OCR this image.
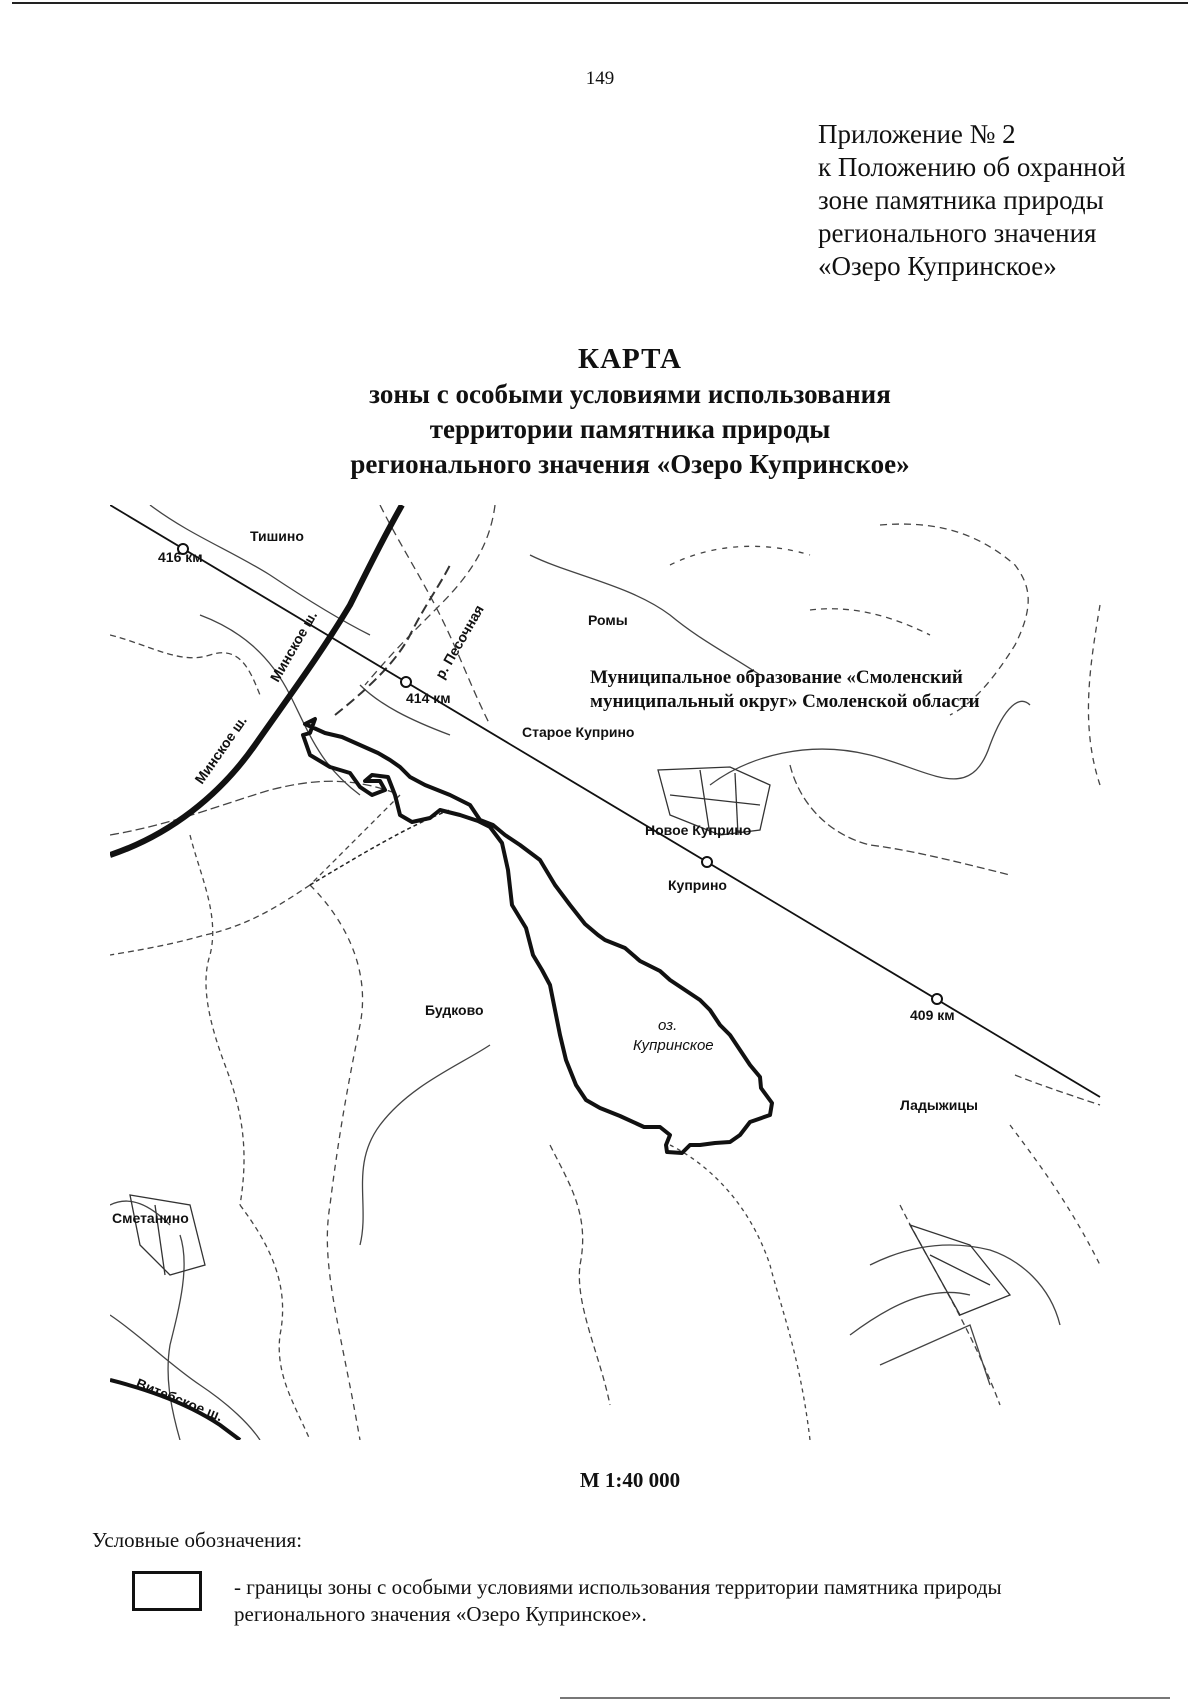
149
Приложение № 2
к Положению об охранной
зоне памятника природы
регионального значения
«Озеро Купринское»
КАРТА
зоны с особыми условиями использования
территории памятника природы
регионального значения «Озеро Купринское»
Тишино
416 км
Ромы
р. Песочная
Минское ш.
Минское ш.
414 км
Старое Куприно
Муниципальное образование «Смоленский
муниципальный округ» Смоленской области
Новое Куприно
Куприно
Будково
оз.
Купринское
409 км
Ладыжицы
Сметанино
Витебское ш.
М 1:40 000
Условные обозначения:
- границы зоны с особыми условиями использования территории памятника природы регионального значения «Озеро Купринское».
